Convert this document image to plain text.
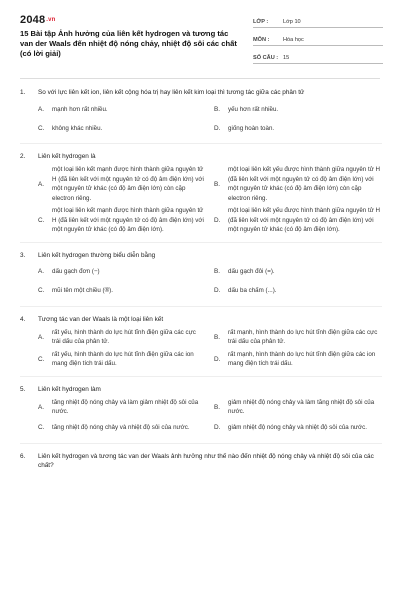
2048.vn
15 Bài tập Ảnh hưởng của liên kết hydrogen và tương tác van der Waals đến nhiệt độ nóng chảy, nhiệt độ sôi các chất (có lời giải)
LỚP :	Lớp 10
MÔN :	Hóa học
SỐ CÂU : 15
1.	So với lực liên kết ion, liên kết cộng hóa trị hay liên kết kim loại thì tương tác giữa các phân tử
A.	mạnh hơn rất nhiều.	B.	yếu hơn rất nhiều.
C.	không khác nhiều.	D.	giống hoàn toàn.
2.	Liên kết hydrogen là
A.
một loại liên kết mạnh được hình thành giữa nguyên tử H (đã liên kết với một nguyên tử có độ âm điện lớn) với một nguyên tử khác (có độ âm điện lớn) còn cặp electron riêng.
B.
một loại liên kết yếu được hình thành giữa nguyên tử H (đã liên kết với một nguyên tử có độ âm điện lớn) với một nguyên tử khác (có độ âm điện lớn) còn cặp electron riêng.
C.
một loại liên kết mạnh được hình thành giữa nguyên tử H (đã liên kết với một nguyên tử có độ âm điện lớn) với một nguyên tử khác (có độ âm điện lớn).
D.
một loại liên kết yếu được hình thành giữa nguyên tử H (đã liên kết với một nguyên tử có độ âm điện lớn) với một nguyên tử khác (có độ âm điện lớn).
3.	Liên kết hydrogen thường biểu diễn bằng
A.	dấu gạch đơn (−)	B.	dấu gạch đôi (=).
C.	mũi tên một chiều (®).	D.	dấu ba chấm (...).
4.	Tương tác van der Waals là một loại liên kết
A.
rất yếu, hình thành do lực hút tĩnh điện giữa các cực trái dấu của phân tử.
B.
rất mạnh, hình thành do lực hút tĩnh điện giữa các cực trái dấu của phân tử.
C.
rất yếu, hình thành do lực hút tĩnh điện giữa các ion mang điện tích trái dấu.
D.
rất mạnh, hình thành do lực hút tĩnh điện giữa các ion mang điện tích trái dấu.
5.	Liên kết hydrogen làm
A.
tăng nhiệt độ nóng chảy và làm giảm nhiệt độ sôi của nước.
B.
giảm nhiệt độ nóng chảy và làm tăng nhiệt độ sôi của nước.
C.	tăng nhiệt độ nóng chảy và nhiệt độ sôi của nước.	D.	giảm nhiệt độ nóng chảy và nhiệt độ sôi của nước.
6.	Liên kết hydrogen và tương tác van der Waals ảnh hưởng như thế nào đến nhiệt độ nóng chảy và nhiệt độ sôi của các chất?
